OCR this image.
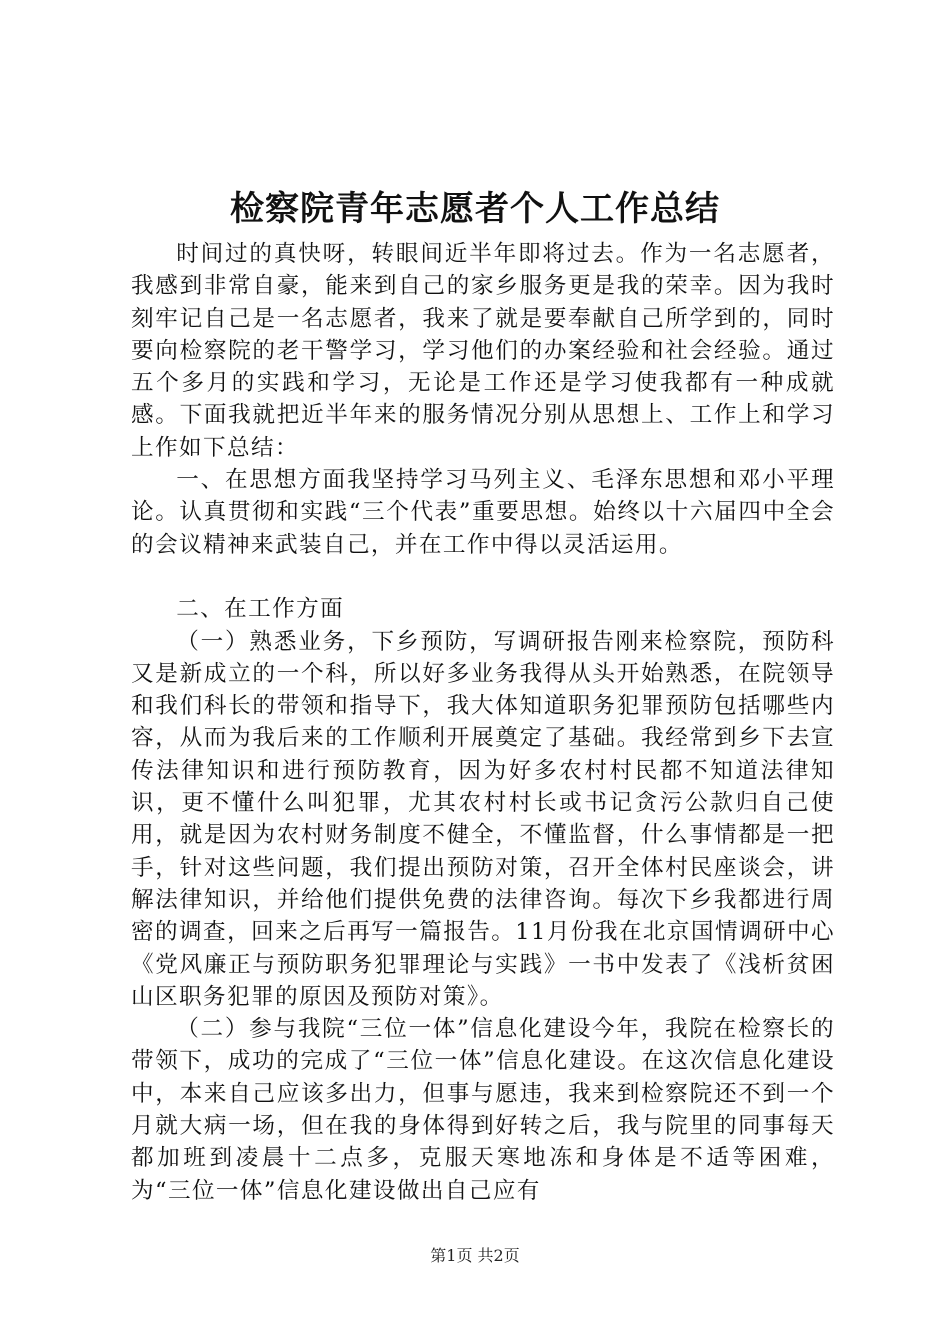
检察院青年志愿者个人工作总结

时间过的真快呀，转眼间近半年即将过去。作为一名志愿者，我感到非常自豪，能来到自己的家乡服务更是我的荣幸。因为我时刻牢记自己是一名志愿者，我来了就是要奉献自己所学到的，同时要向检察院的老干警学习，学习他们的办案经验和社会经验。通过五个多月的实践和学习，无论是工作还是学习使我都有一种成就感。下面我就把近半年来的服务情况分别从思想上、工作上和学习上作如下总结：

一、在思想方面我坚持学习马列主义、毛泽东思想和邓小平理论。认真贯彻和实践“三个代表”重要思想。始终以十六届四中全会的会议精神来武装自己，并在工作中得以灵活运用。

二、在工作方面

（一）熟悉业务，下乡预防，写调研报告刚来检察院，预防科又是新成立的一个科，所以好多业务我得从头开始熟悉，在院领导和我们科长的带领和指导下，我大体知道职务犯罪预防包括哪些内容，从而为我后来的工作顺利开展奠定了基础。我经常到乡下去宣传法律知识和进行预防教育，因为好多农村村民都不知道法律知识，更不懂什么叫犯罪，尤其农村村长或书记贪污公款归自己使用，就是因为农村财务制度不健全，不懂监督，什么事情都是一把手，针对这些问题，我们提出预防对策，召开全体村民座谈会，讲解法律知识，并给他们提供免费的法律咨询。每次下乡我都进行周密的调查，回来之后再写一篇报告。11月份我在北京国情调研中心《党风廉正与预防职务犯罪理论与实践》一书中发表了《浅析贫困山区职务犯罪的原因及预防对策》。

（二）参与我院“三位一体”信息化建设今年，我院在检察长的带领下，成功的完成了“三位一体”信息化建设。在这次信息化建设中，本来自己应该多出力，但事与愿违，我来到检察院还不到一个月就大病一场，但在我的身体得到好转之后，我与院里的同事每天都加班到凌晨十二点多，克服天寒地冻和身体是不适等困难，为“三位一体”信息化建设做出自己应有

第1页 共2页
